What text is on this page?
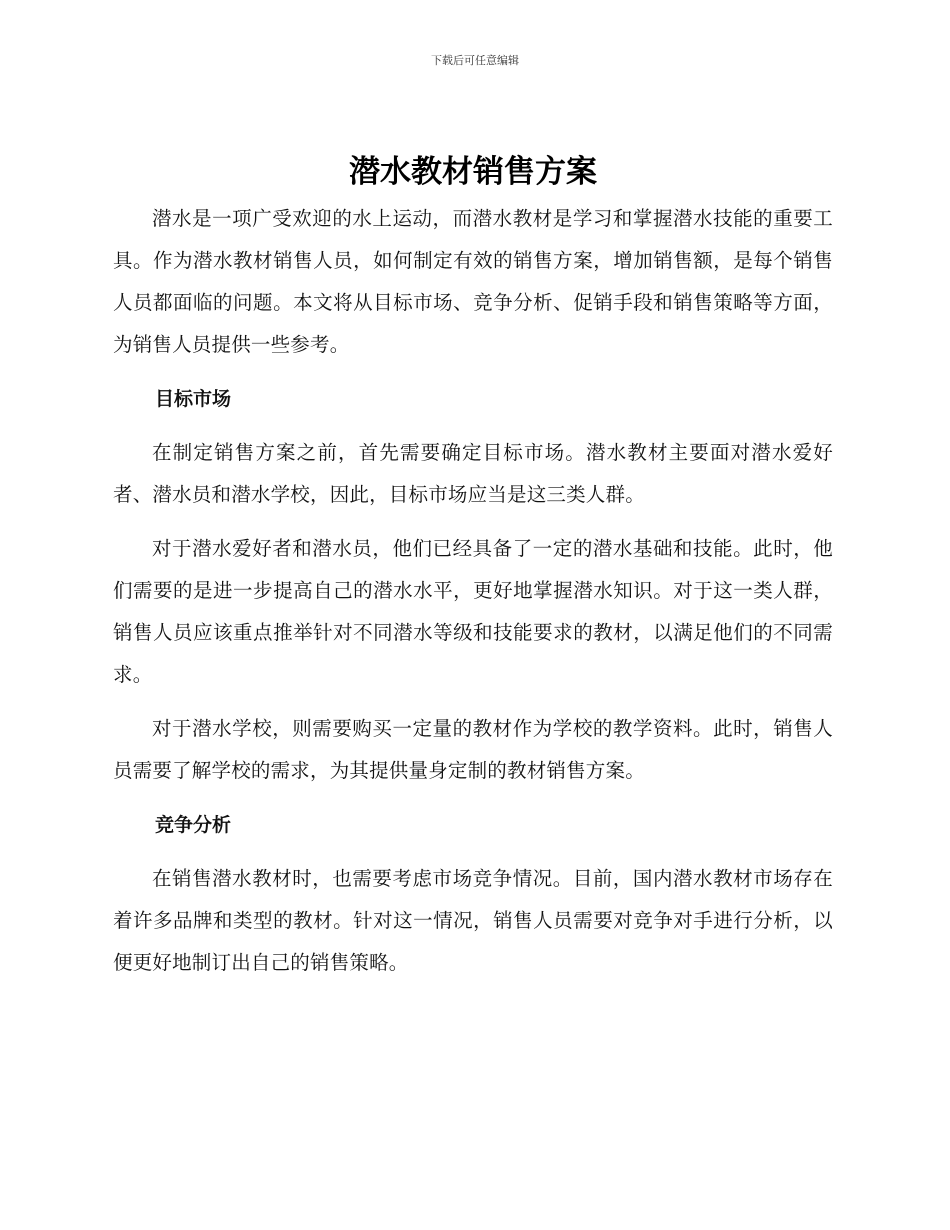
下载后可任意编辑
潜水教材销售方案

潜水是一项广受欢迎的水上运动，而潜水教材是学习和掌握潜水技能的重要工具。作为潜水教材销售人员，如何制定有效的销售方案，增加销售额，是每个销售人员都面临的问题。本文将从目标市场、竞争分析、促销手段和销售策略等方面，为销售人员提供一些参考。

目标市场

在制定销售方案之前，首先需要确定目标市场。潜水教材主要面对潜水爱好者、潜水员和潜水学校，因此，目标市场应当是这三类人群。

对于潜水爱好者和潜水员，他们已经具备了一定的潜水基础和技能。此时，他们需要的是进一步提高自己的潜水水平，更好地掌握潜水知识。对于这一类人群，销售人员应该重点推举针对不同潜水等级和技能要求的教材，以满足他们的不同需求。

对于潜水学校，则需要购买一定量的教材作为学校的教学资料。此时，销售人员需要了解学校的需求，为其提供量身定制的教材销售方案。

竞争分析

在销售潜水教材时，也需要考虑市场竞争情况。目前，国内潜水教材市场存在着许多品牌和类型的教材。针对这一情况，销售人员需要对竞争对手进行分析，以便更好地制订出自己的销售策略。
